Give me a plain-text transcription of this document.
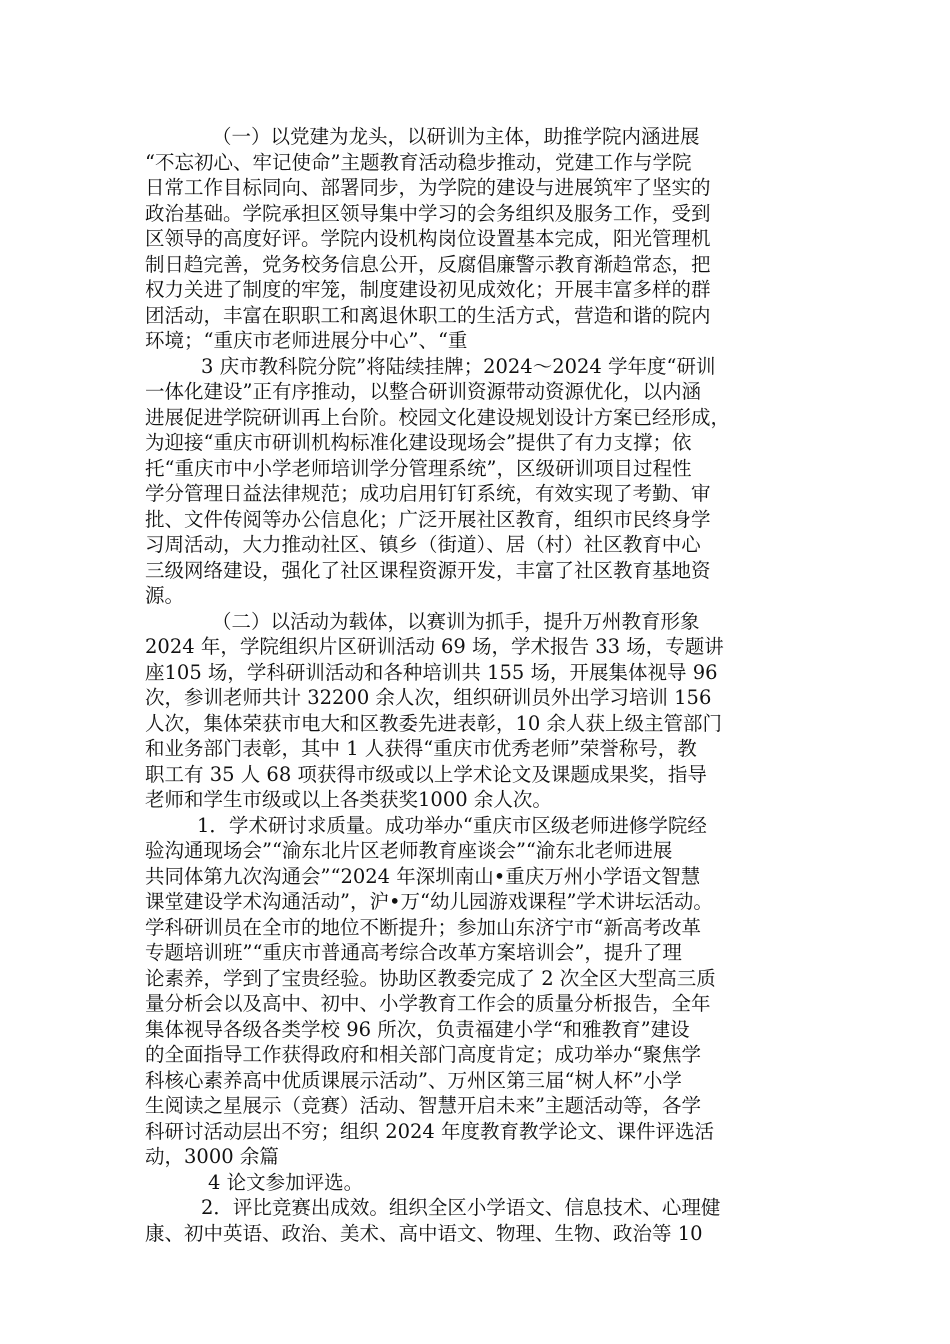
（一）以党建为龙头，以研训为主体，助推学院内涵进展
“不忘初心、牢记使命”主题教育活动稳步推动，党建工作与学院
日常工作目标同向、部署同步，为学院的建设与进展筑牢了坚实的
政治基础。学院承担区领导集中学习的会务组织及服务工作，受到
区领导的高度好评。学院内设机构岗位设置基本完成，阳光管理机
制日趋完善，党务校务信息公开，反腐倡廉警示教育渐趋常态，把
权力关进了制度的牢笼，制度建设初见成效化；开展丰富多样的群
团活动，丰富在职职工和离退休职工的生活方式，营造和谐的院内
环境；“重庆市老师进展分中心”、“重
3 庆市教科院分院”将陆续挂牌；2024～2024 学年度“研训
一体化建设”正有序推动，以整合研训资源带动资源优化，以内涵
进展促进学院研训再上台阶。校园文化建设规划设计方案已经形成，
为迎接“重庆市研训机构标准化建设现场会”提供了有力支撑；依
托“重庆市中小学老师培训学分管理系统”，区级研训项目过程性
学分管理日益法律规范；成功启用钉钉系统，有效实现了考勤、审
批、文件传阅等办公信息化；广泛开展社区教育，组织市民终身学
习周活动，大力推动社区、镇乡（街道）、居（村）社区教育中心
三级网络建设，强化了社区课程资源开发，丰富了社区教育基地资
源。
（二）以活动为载体，以赛训为抓手，提升万州教育形象
2024 年，学院组织片区研训活动 69 场，学术报告 33 场，专题讲
座105 场，学科研训活动和各种培训共 155 场，开展集体视导 96
次，参训老师共计 32200 余人次，组织研训员外出学习培训 156
人次，集体荣获市电大和区教委先进表彰，10 余人获上级主管部门
和业务部门表彰，其中 1 人获得“重庆市优秀老师”荣誉称号，教
职工有 35 人 68 项获得市级或以上学术论文及课题成果奖，指导
老师和学生市级或以上各类获奖1000 余人次。
1．学术研讨求质量。成功举办“重庆市区级老师进修学院经
验沟通现场会”“渝东北片区老师教育座谈会”“渝东北老师进展
共同体第九次沟通会”“2024 年深圳南山•重庆万州小学语文智慧
课堂建设学术沟通活动”，沪•万“幼儿园游戏课程”学术讲坛活动。
学科研训员在全市的地位不断提升；参加山东济宁市“新高考改革
专题培训班”“重庆市普通高考综合改革方案培训会”，提升了理
论素养，学到了宝贵经验。协助区教委完成了 2 次全区大型高三质
量分析会以及高中、初中、小学教育工作会的质量分析报告，全年
集体视导各级各类学校 96 所次，负责福建小学“和雅教育”建设
的全面指导工作获得政府和相关部门高度肯定；成功举办“聚焦学
科核心素养高中优质课展示活动”、万州区第三届“树人杯”小学
生阅读之星展示（竞赛）活动、智慧开启未来”主题活动等，各学
科研讨活动层出不穷；组织 2024 年度教育教学论文、课件评选活
动，3000 余篇
4 论文参加评选。
2．评比竞赛出成效。组织全区小学语文、信息技术、心理健
康、初中英语、政治、美术、高中语文、物理、生物、政治等 10
